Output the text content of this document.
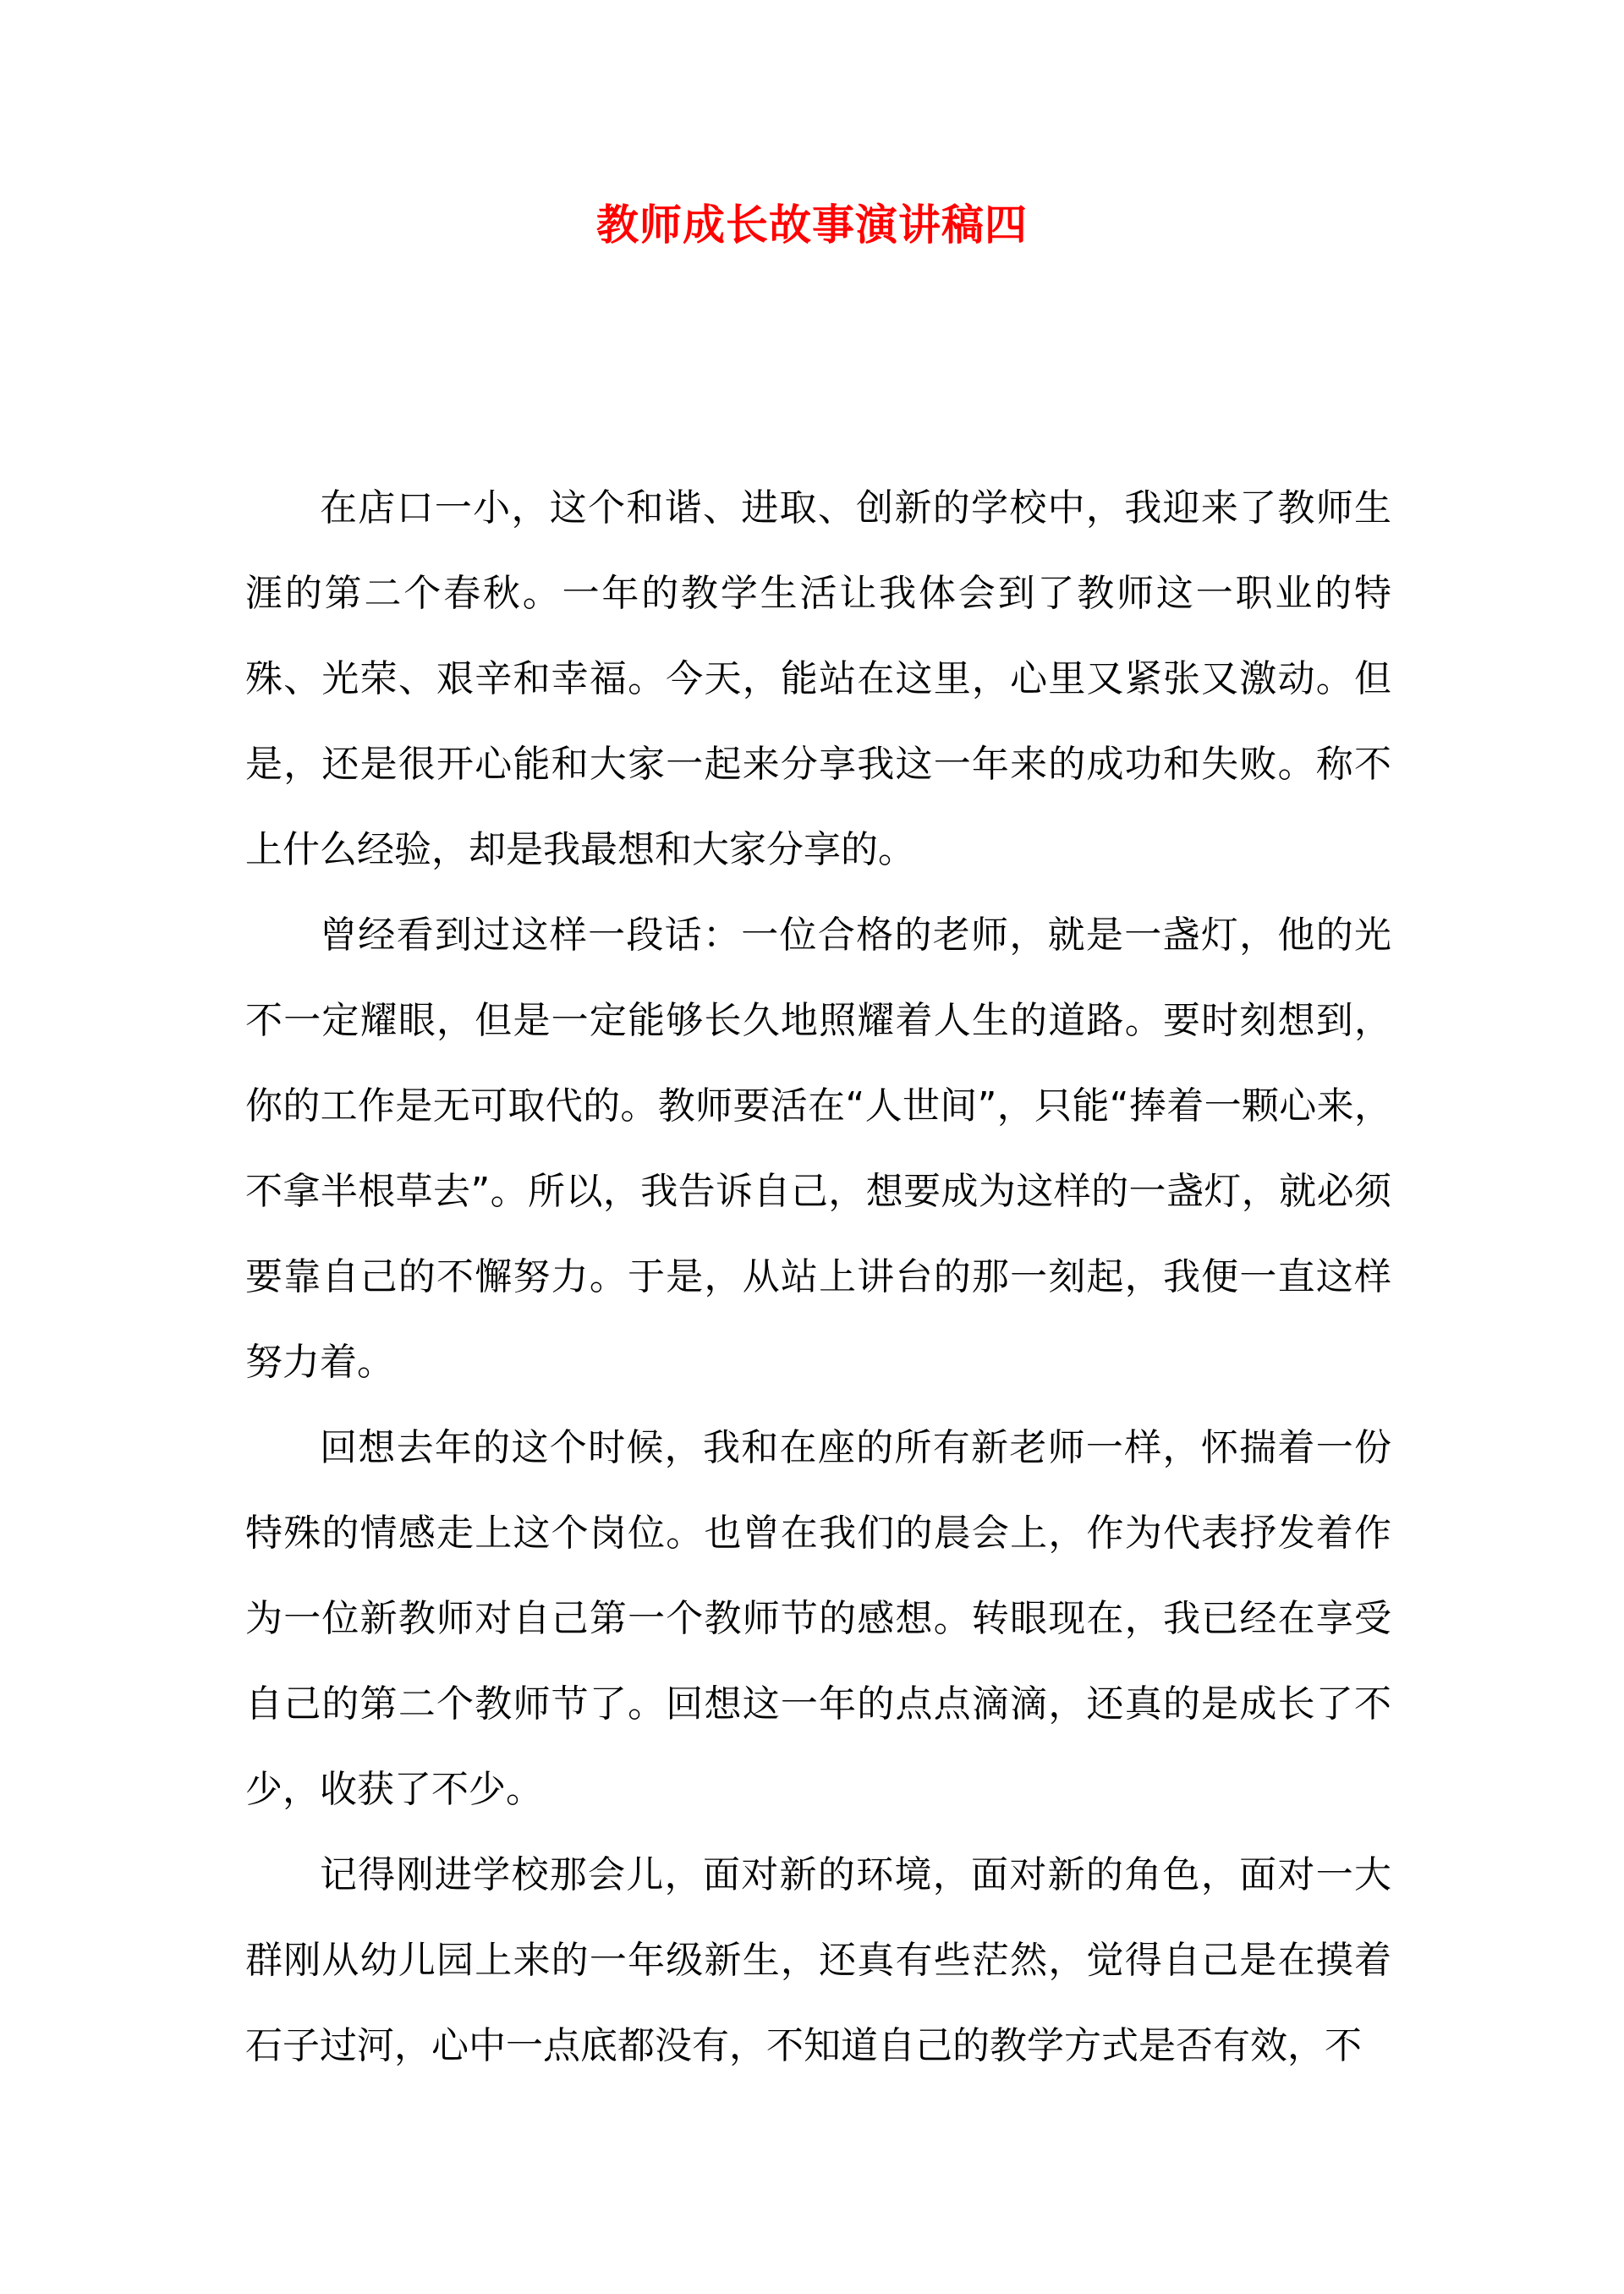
教师成长故事演讲稿四

在店口一小，这个和谐、进取、创新的学校中，我迎来了教师生涯的第二个春秋。一年的教学生活让我体会到了教师这一职业的特殊、光荣、艰辛和幸福。今天，能站在这里，心里又紧张又激动。但是，还是很开心能和大家一起来分享我这一年来的成功和失败。称不上什么经验，却是我最想和大家分享的。

曾经看到过这样一段话：一位合格的老师，就是一盏灯，他的光不一定耀眼，但是一定能够长久地照耀着人生的道路。要时刻想到，你的工作是无可取代的。教师要活在“人世间”，只能“捧着一颗心来，不拿半根草去”。所以，我告诉自己，想要成为这样的一盏灯，就必须要靠自己的不懈努力。于是，从站上讲台的那一刻起，我便一直这样努力着。

回想去年的这个时候，我和在座的所有新老师一样，怀揣着一份特殊的情感走上这个岗位。也曾在我们的晨会上，作为代表抒发着作为一位新教师对自己第一个教师节的感想。转眼现在，我已经在享受自己的第二个教师节了。回想这一年的点点滴滴，还真的是成长了不少，收获了不少。

记得刚进学校那会儿，面对新的环境，面对新的角色，面对一大群刚从幼儿园上来的一年级新生，还真有些茫然，觉得自己是在摸着石子过河，心中一点底都没有，不知道自己的教学方式是否有效，不
